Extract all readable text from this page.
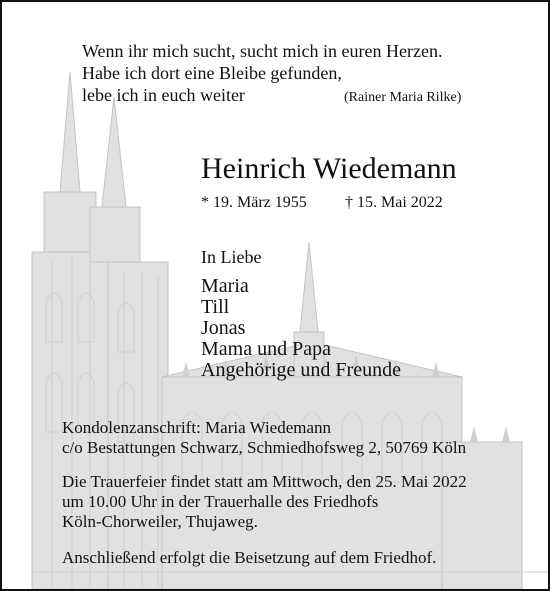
Wenn ihr mich sucht, sucht mich in euren Herzen.
Habe ich dort eine Bleibe gefunden,
lebe ich in euch weiter	(Rainer Maria Rilke)
Heinrich Wiedemann
* 19. März 1955 † 15. Mai 2022
In Liebe
Maria
Till
Jonas
Mama und Papa
Angehörige und Freunde
Kondolenzanschrift: Maria Wiedemann
c/o Bestattungen Schwarz, Schmiedhofsweg 2, 50769 Köln
Die Trauerfeier findet statt am Mittwoch, den 25. Mai 2022
um 10.00 Uhr in der Trauerhalle des Friedhofs
Köln-Chorweiler, Thujaweg.
Anschließend erfolgt die Beisetzung auf dem Friedhof.
